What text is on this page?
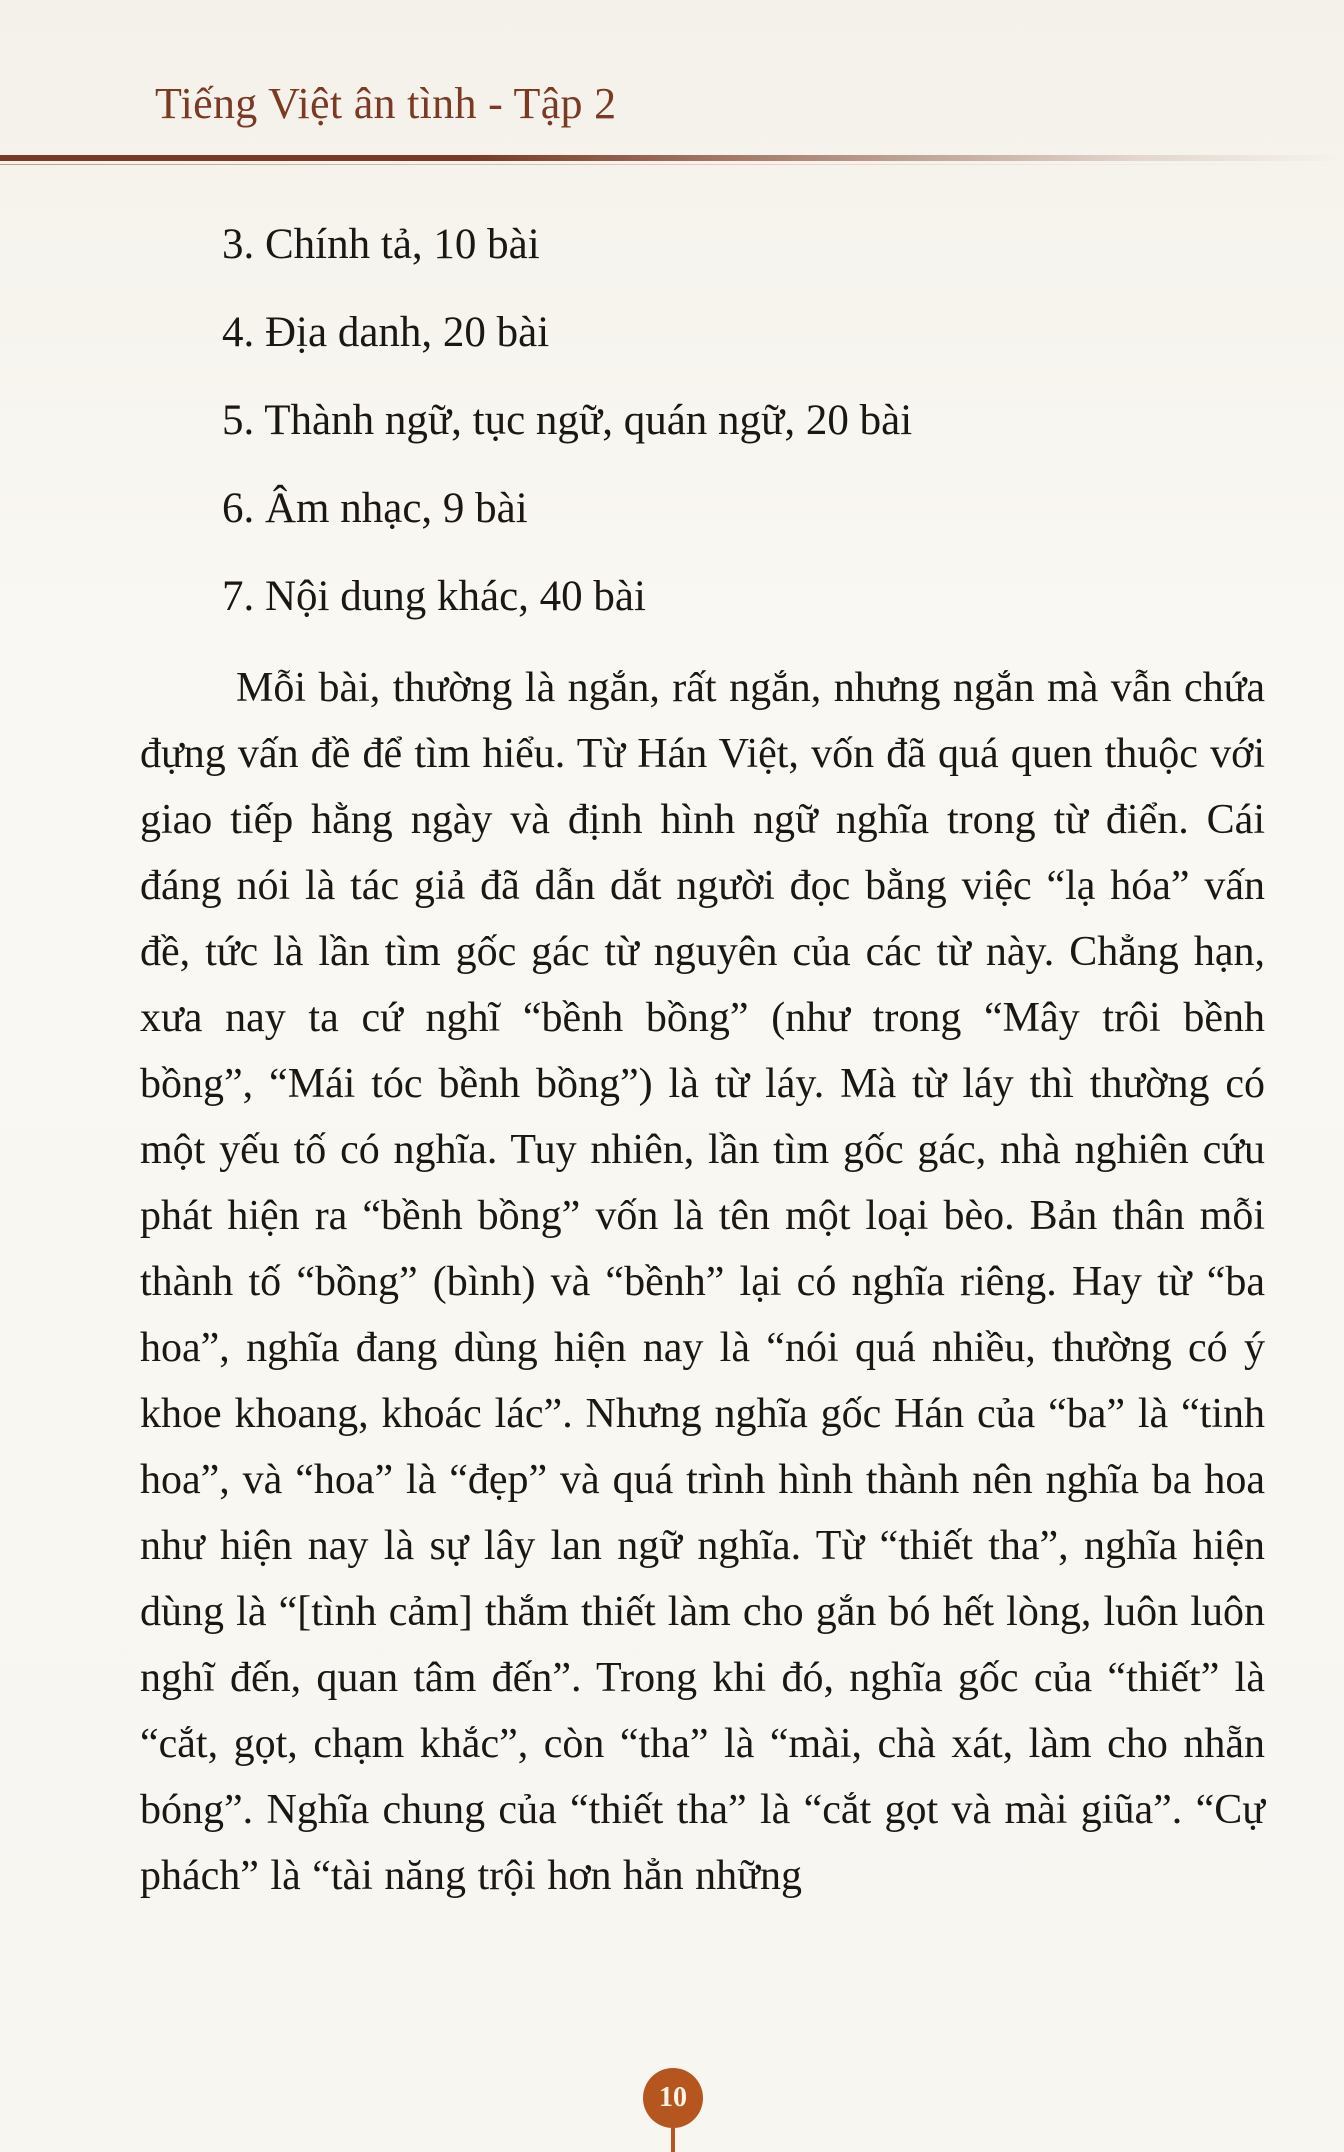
Tiếng Việt ân tình - Tập 2
3. Chính tả, 10 bài
4. Địa danh, 20 bài
5. Thành ngữ, tục ngữ, quán ngữ, 20 bài
6. Âm nhạc, 9 bài
7. Nội dung khác, 40 bài

Mỗi bài, thường là ngắn, rất ngắn, nhưng ngắn mà vẫn chứa đựng vấn đề để tìm hiểu. Từ Hán Việt, vốn đã quá quen thuộc với giao tiếp hằng ngày và định hình ngữ nghĩa trong từ điển. Cái đáng nói là tác giả đã dẫn dắt người đọc bằng việc “lạ hóa” vấn đề, tức là lần tìm gốc gác từ nguyên của các từ này. Chẳng hạn, xưa nay ta cứ nghĩ “bềnh bồng” (như trong “Mây trôi bềnh bồng”, “Mái tóc bềnh bồng”) là từ láy. Mà từ láy thì thường có một yếu tố có nghĩa. Tuy nhiên, lần tìm gốc gác, nhà nghiên cứu phát hiện ra “bềnh bồng” vốn là tên một loại bèo. Bản thân mỗi thành tố “bồng” (bình) và “bềnh” lại có nghĩa riêng. Hay từ “ba hoa”, nghĩa đang dùng hiện nay là “nói quá nhiều, thường có ý khoe khoang, khoác lác”. Nhưng nghĩa gốc Hán của “ba” là “tinh hoa”, và “hoa” là “đẹp” và quá trình hình thành nên nghĩa ba hoa như hiện nay là sự lây lan ngữ nghĩa. Từ “thiết tha”, nghĩa hiện dùng là “[tình cảm] thắm thiết làm cho gắn bó hết lòng, luôn luôn nghĩ đến, quan tâm đến”. Trong khi đó, nghĩa gốc của “thiết” là “cắt, gọt, chạm khắc”, còn “tha” là “mài, chà xát, làm cho nhẵn bóng”. Nghĩa chung của “thiết tha” là “cắt gọt và mài giũa”. “Cự phách” là “tài năng trội hơn hẳn những

10
